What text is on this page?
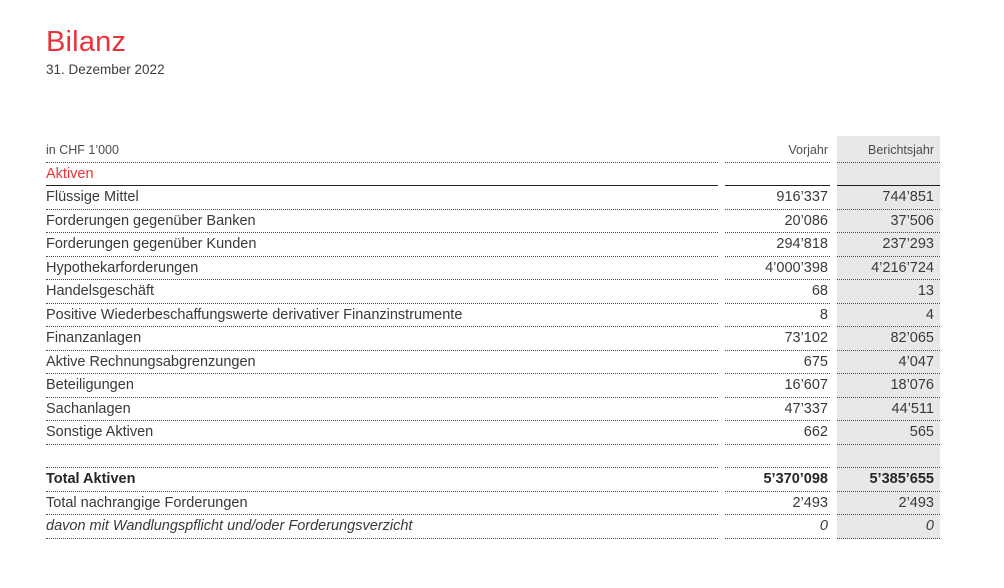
Bilanz
31. Dezember 2022
in CHF 1’000	Vorjahr	Berichtsjahr
Aktiven
Flüssige Mittel	916’337	744’851
Forderungen gegenüber Banken	20’086	37’506
Forderungen gegenüber Kunden	294’818	237’293
Hypothekarforderungen	4’000’398	4’216’724
Handelsgeschäft	68	13
Positive Wiederbeschaffungswerte derivativer Finanzinstrumente	8	4
Finanzanlagen	73’102	82’065
Aktive Rechnungsabgrenzungen	675	4’047
Beteiligungen	16’607	18’076
Sachanlagen	47’337	44’511
Sonstige Aktiven	662	565
Total Aktiven	5’370’098	5’385’655
Total nachrangige Forderungen	2’493	2’493
davon mit Wandlungspflicht und/oder Forderungsverzicht	0	0
